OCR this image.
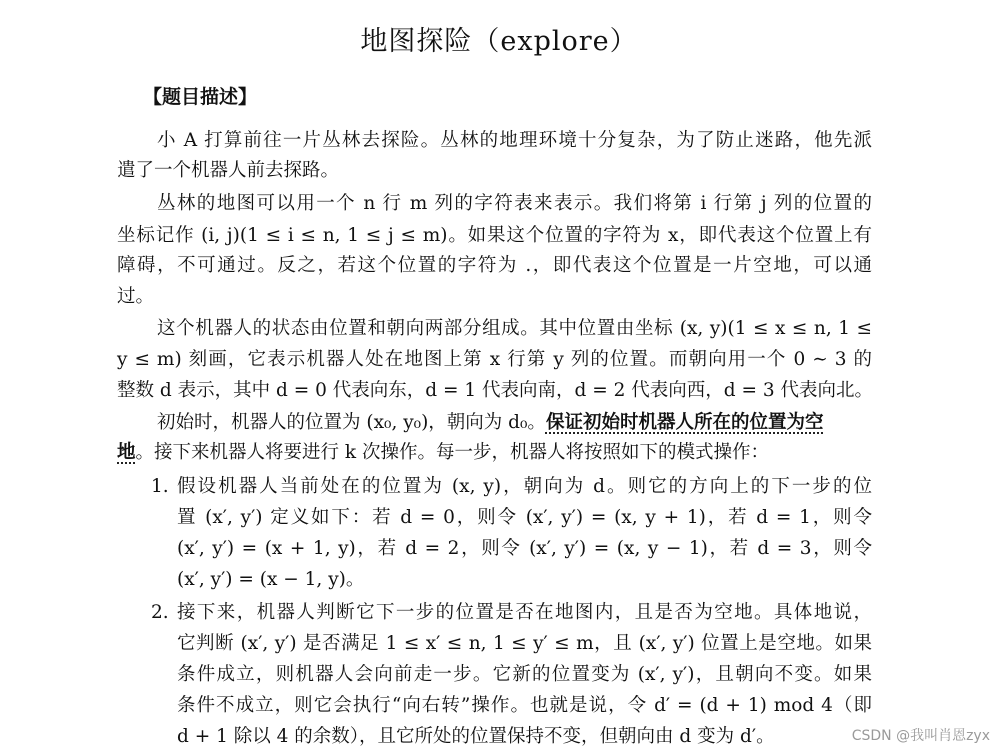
地图探险（explore）
【题目描述】
小 A 打算前往一片丛林去探险。丛林的地理环境十分复杂，为了防止迷路，他先派
遣了一个机器人前去探路。
丛林的地图可以用一个 n 行 m 列的字符表来表示。我们将第 i 行第 j 列的位置的
坐标记作 (i, j)(1 ≤ i ≤ n, 1 ≤ j ≤ m)。如果这个位置的字符为 x，即代表这个位置上有
障碍，不可通过。反之，若这个位置的字符为 .，即代表这个位置是一片空地，可以通
过。
这个机器人的状态由位置和朝向两部分组成。其中位置由坐标 (x, y)(1 ≤ x ≤ n, 1 ≤
y ≤ m) 刻画，它表示机器人处在地图上第 x 行第 y 列的位置。而朝向用一个 0 ∼ 3 的
整数 d 表示，其中 d = 0 代表向东，d = 1 代表向南，d = 2 代表向西，d = 3 代表向北。
初始时，机器人的位置为 (x₀, y₀)，朝向为 d₀。保证初始时机器人所在的位置为空
地。接下来机器人将要进行 k 次操作。每一步，机器人将按照如下的模式操作：
1. 假设机器人当前处在的位置为 (x, y)，朝向为 d。则它的方向上的下一步的位
置 (x′, y′) 定义如下：若 d = 0，则令 (x′, y′) = (x, y + 1)，若 d = 1，则令
(x′, y′) = (x + 1, y)，若 d = 2，则令 (x′, y′) = (x, y − 1)，若 d = 3，则令
(x′, y′) = (x − 1, y)。
2. 接下来，机器人判断它下一步的位置是否在地图内，且是否为空地。具体地说，
它判断 (x′, y′) 是否满足 1 ≤ x′ ≤ n, 1 ≤ y′ ≤ m，且 (x′, y′) 位置上是空地。如果
条件成立，则机器人会向前走一步。它新的位置变为 (x′, y′)，且朝向不变。如果
条件不成立，则它会执行“向右转”操作。也就是说，令 d′ = (d + 1) mod 4（即
d + 1 除以 4 的余数），且它所处的位置保持不变，但朝向由 d 变为 d′。	CSDN @我叫肖恩zyx
